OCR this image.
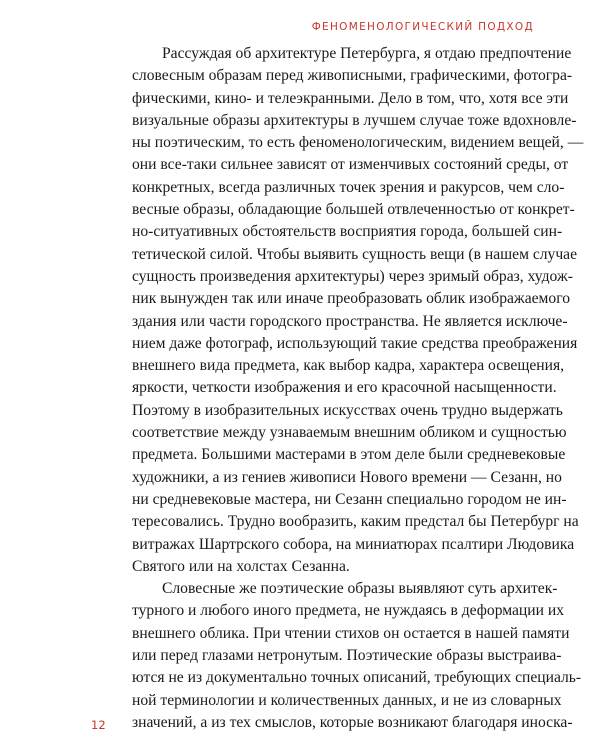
ФЕНОМЕНОЛОГИЧЕСКИЙ ПОДХОД

Рассуждая об архитектуре Петербурга, я отдаю предпочтение
словесным образам перед живописными, графическими, фотогра-
фическими, кино- и телеэкранными. Дело в том, что, хотя все эти
визуальные образы архитектуры в лучшем случае тоже вдохновле-
ны поэтическим, то есть феноменологическим, видением вещей, —
они все-таки сильнее зависят от изменчивых состояний среды, от
конкретных, всегда различных точек зрения и ракурсов, чем сло-
весные образы, обладающие большей отвлеченностью от конкрет-
но-ситуативных обстоятельств восприятия города, большей син-
тетической силой. Чтобы выявить сущность вещи (в нашем случае
сущность произведения архитектуры) через зримый образ, худож-
ник вынужден так или иначе преобразовать облик изображаемого
здания или части городского пространства. Не является исключе-
нием даже фотограф, использующий такие средства преображения
внешнего вида предмета, как выбор кадра, характера освещения,
яркости, четкости изображения и его красочной насыщенности.
Поэтому в изобразительных искусствах очень трудно выдержать
соответствие между узнаваемым внешним обликом и сущностью
предмета. Большими мастерами в этом деле были средневековые
художники, а из гениев живописи Нового времени — Сезанн, но
ни средневековые мастера, ни Сезанн специально городом не ин-
тересовались. Трудно вообразить, каким предстал бы Петербург на
витражах Шартрского собора, на миниатюрах псалтири Людовика
Святого или на холстах Сезанна.

Словесные же поэтические образы выявляют суть архитек-
турного и любого иного предмета, не нуждаясь в деформации их
внешнего облика. При чтении стихов он остается в нашей памяти
или перед глазами нетронутым. Поэтические образы выстраива-
ются не из документально точных описаний, требующих специаль-
ной терминологии и количественных данных, и не из словарных
значений, а из тех смыслов, которые возникают благодаря иноска-

12
